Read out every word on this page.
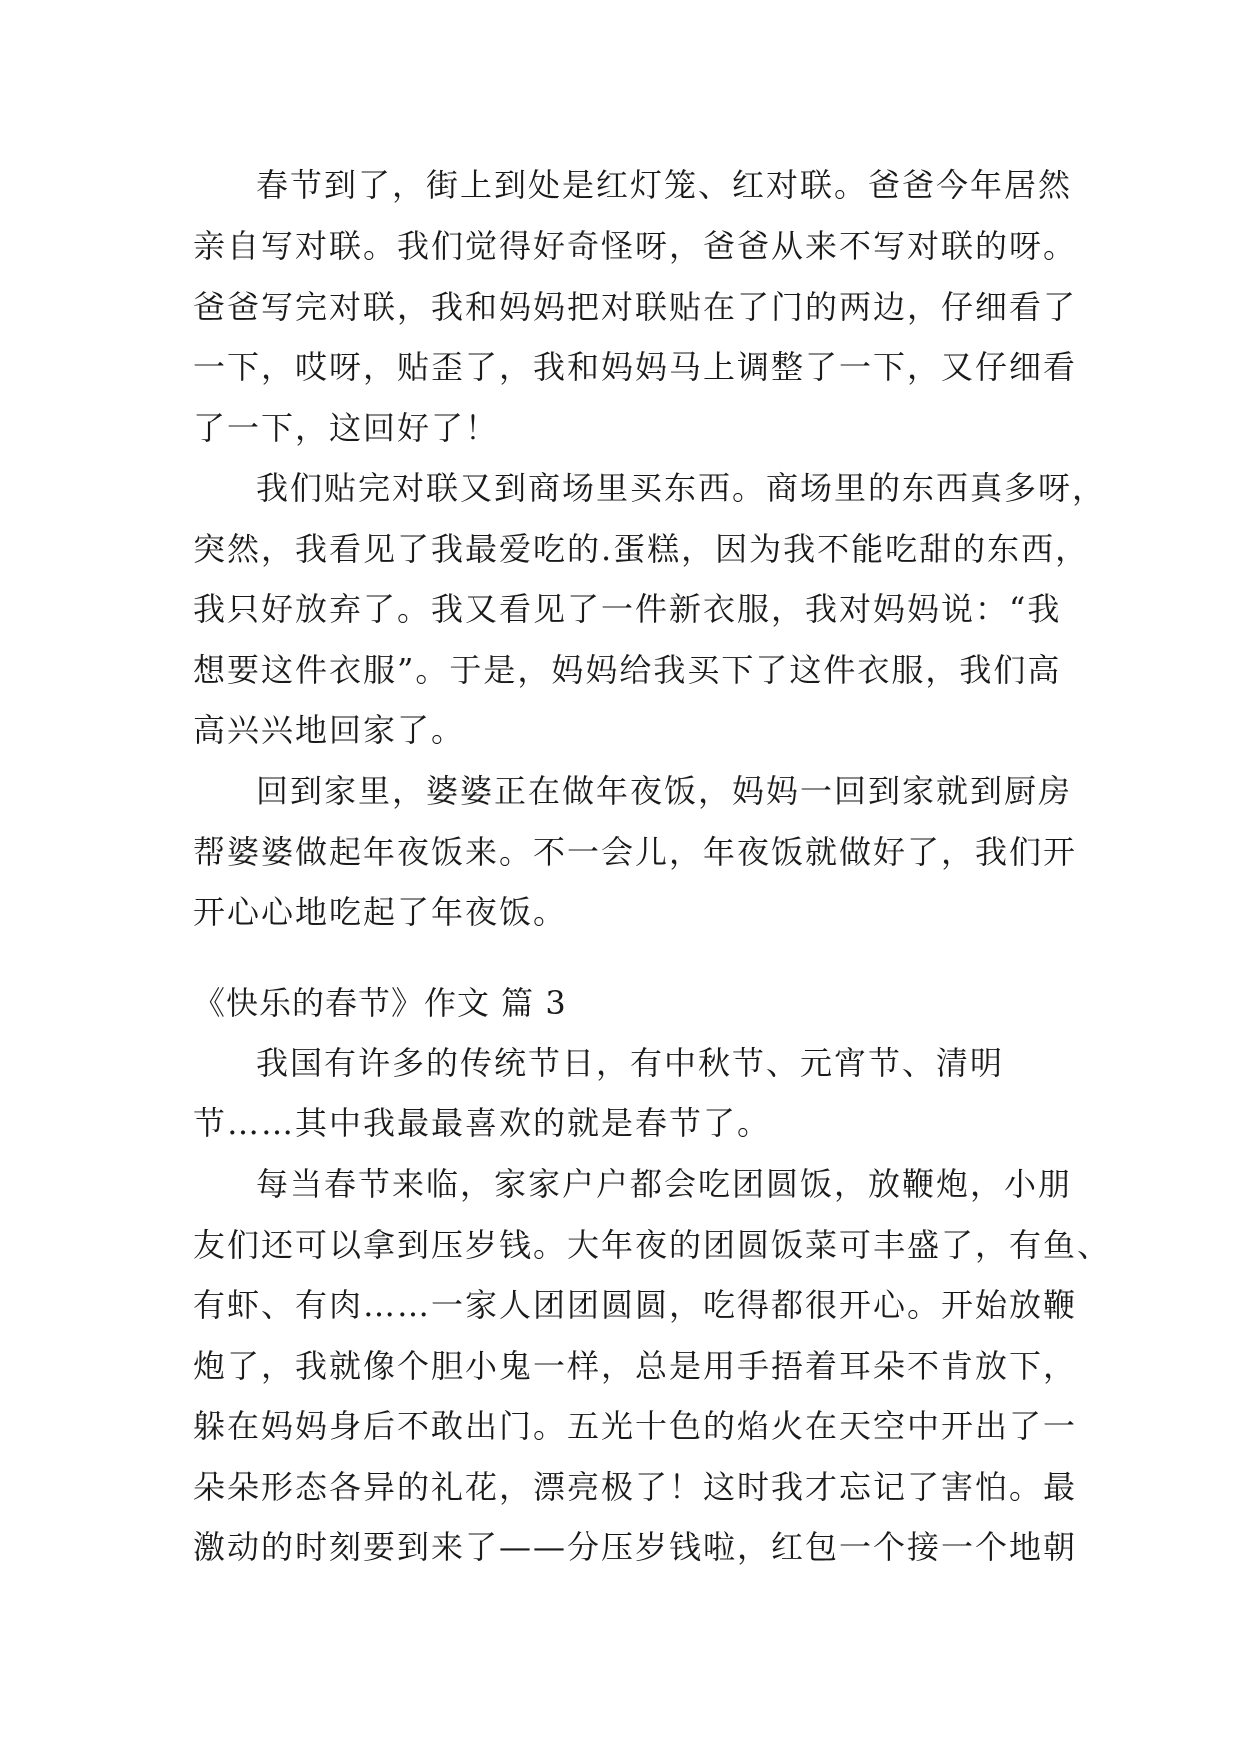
春节到了，街上到处是红灯笼、红对联。爸爸今年居然
亲自写对联。我们觉得好奇怪呀，爸爸从来不写对联的呀。
爸爸写完对联，我和妈妈把对联贴在了门的两边，仔细看了
一下，哎呀，贴歪了，我和妈妈马上调整了一下，又仔细看
了一下，这回好了！
我们贴完对联又到商场里买东西。商场里的东西真多呀，
突然，我看见了我最爱吃的.蛋糕，因为我不能吃甜的东西，
我只好放弃了。我又看见了一件新衣服，我对妈妈说：“我
想要这件衣服”。于是，妈妈给我买下了这件衣服，我们高
高兴兴地回家了。
回到家里，婆婆正在做年夜饭，妈妈一回到家就到厨房
帮婆婆做起年夜饭来。不一会儿，年夜饭就做好了，我们开
开心心地吃起了年夜饭。
《快乐的春节》作文 篇 3
我国有许多的传统节日，有中秋节、元宵节、清明
节……其中我最最喜欢的就是春节了。
每当春节来临，家家户户都会吃团圆饭，放鞭炮，小朋
友们还可以拿到压岁钱。大年夜的团圆饭菜可丰盛了，有鱼、
有虾、有肉……一家人团团圆圆，吃得都很开心。开始放鞭
炮了，我就像个胆小鬼一样，总是用手捂着耳朵不肯放下，
躲在妈妈身后不敢出门。五光十色的焰火在天空中开出了一
朵朵形态各异的礼花，漂亮极了！这时我才忘记了害怕。最
激动的时刻要到来了——分压岁钱啦，红包一个接一个地朝
